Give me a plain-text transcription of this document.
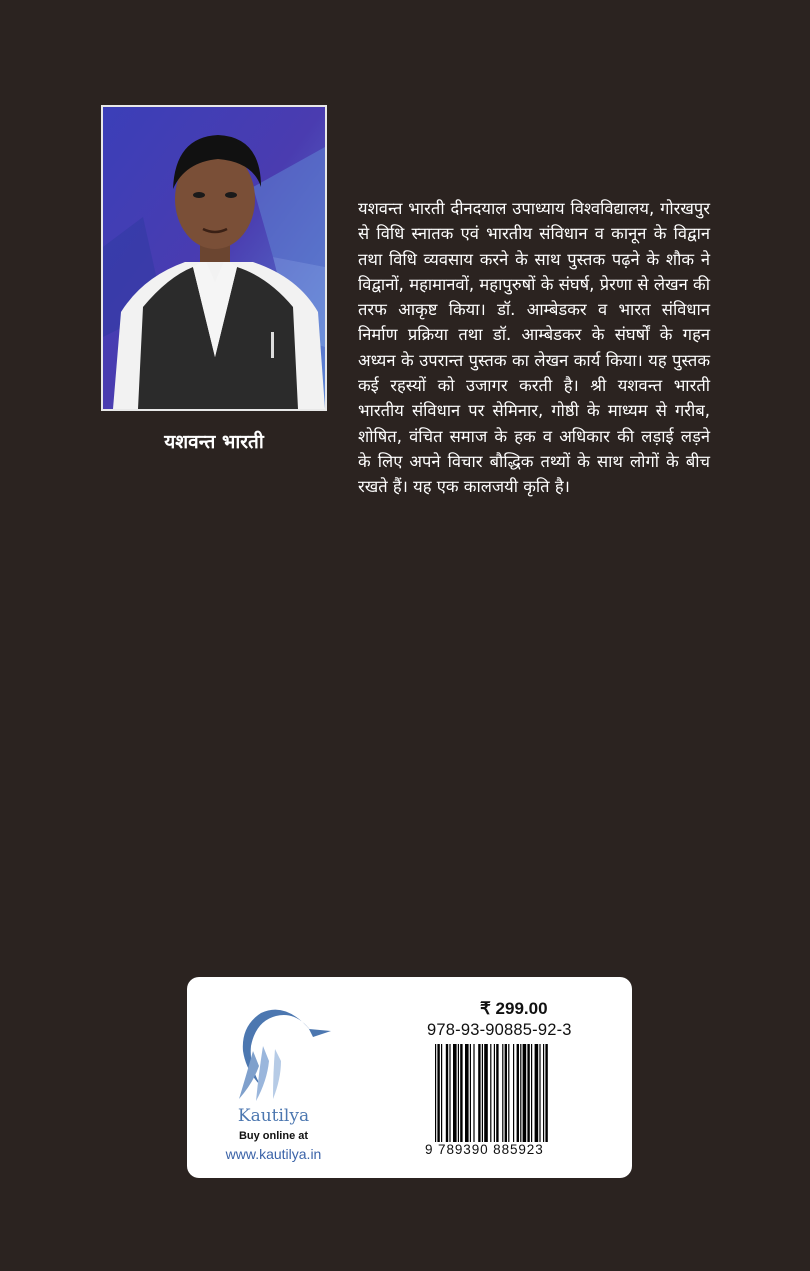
यशवन्त भारती

यशवन्त भारती दीनदयाल उपाध्याय विश्वविद्यालय, गोरखपुर से विधि स्नातक एवं भारतीय संविधान व कानून के विद्वान तथा विधि व्यवसाय करने के साथ पुस्तक पढ़ने के शौक ने विद्वानों, महामानवों, महापुरुषों के संघर्ष, प्रेरणा से लेखन की तरफ आकृष्ट किया। डॉ. आम्बेडकर व भारत संविधान निर्माण प्रक्रिया तथा डॉ. आम्बेडकर के संघर्षों के गहन अध्यन के उपरान्त पुस्तक का लेखन कार्य किया। यह पुस्तक कई रहस्यों को उजागर करती है। श्री यशवन्त भारती भारतीय संविधान पर सेमिनार, गोष्ठी के माध्यम से गरीब, शोषित, वंचित समाज के हक व अधिकार की लड़ाई लड़ने के लिए अपने विचार बौद्धिक तथ्यों के साथ लोगों के बीच रखते हैं। यह एक कालजयी कृति है।

Kautilya
Buy online at
www.kautilya.in
₹ 299.00
978-93-90885-92-3
9 789390 885923
